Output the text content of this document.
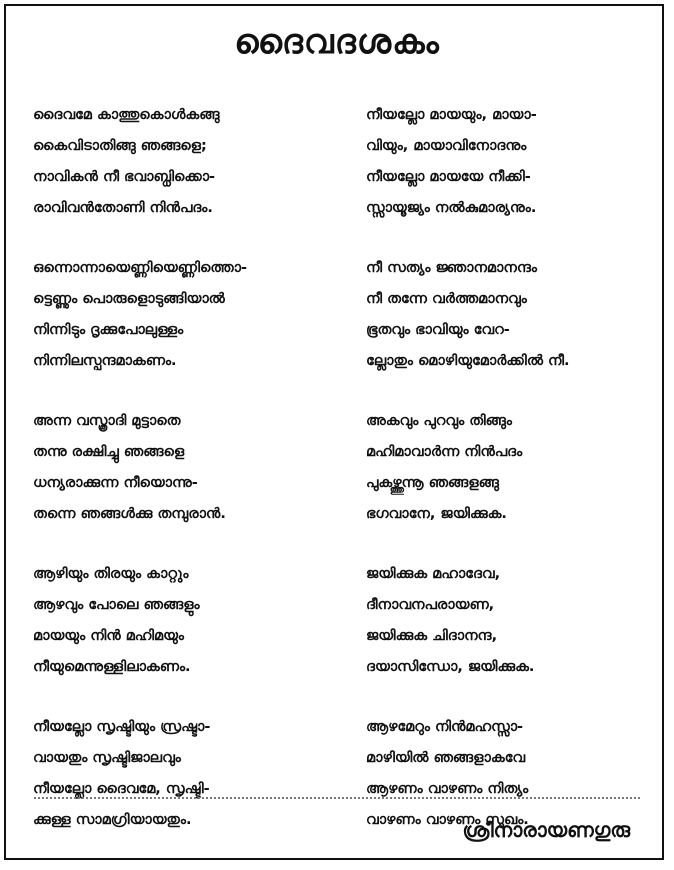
ദൈവദശകം
ദൈവമേ കാത്തുകൊൾകങ്ങു
കൈവിടാതിങ്ങു ഞങ്ങളെ;
നാവികൻ നീ ഭവാബ്ധിക്കൊ-
രാവിവൻതോണി നിൻപദം.
ഒന്നൊന്നായെണ്ണിയെണ്ണിത്തൊ-
ട്ടെണ്ണും പൊരുളൊടുങ്ങിയാൽ
നിന്നിടും ദൃക്കുപോലുള്ളം
നിന്നിലസ്പന്ദമാകണം.
അന്ന വസ്ത്രാദി മുട്ടാതെ
തന്നു രക്ഷിച്ചു ഞങ്ങളെ
ധന്യരാക്കുന്ന നീയൊന്നു-
തന്നെ ഞങ്ങൾക്കു തമ്പുരാൻ.
ആഴിയും തിരയും കാറ്റും
ആഴവും പോലെ ഞങ്ങളും
മായയും നിൻ മഹിമയും
നീയുമെന്നുള്ളിലാകണം.
നീയല്ലോ സൃഷ്ടിയും സ്രഷ്ടാ-
വായതും സൃഷ്ടിജാലവും
നീയല്ലോ ദൈവമേ, സൃഷ്ടി-
ക്കുള്ള സാമഗ്രിയായതും.
നീയല്ലോ മായയും, മായാ-
വിയും, മായാവിനോദനും
നീയല്ലോ മായയേ നീക്കി-
സ്സായൂജ്യം നൽകുമാര്യനും.
നീ സത്യം ജ്ഞാനമാനന്ദം
നീ തന്നേ വർത്തമാനവും
ഭൂതവും ഭാവിയും വേറ-
ല്ലോതും മൊഴിയുമോർക്കിൽ നീ.
അകവും പുറവും തിങ്ങും
മഹിമാവാർന്ന നിൻപദം
പുകഴ്ത്തുന്നൂ ഞങ്ങളങ്ങു
ഭഗവാനേ, ജയിക്കുക.
ജയിക്കുക മഹാദേവ,
ദീനാവനപരായണ,
ജയിക്കുക ചിദാനന്ദ,
ദയാസിന്ധോ, ജയിക്കുക.
ആഴമേറും നിൻമഹസ്സാ-
മാഴിയിൽ ഞങ്ങളാകവേ
ആഴണം വാഴണം നിത്യം
വാഴണം വാഴണം സുഖം.
ശ്രീനാരായണഗുരു
